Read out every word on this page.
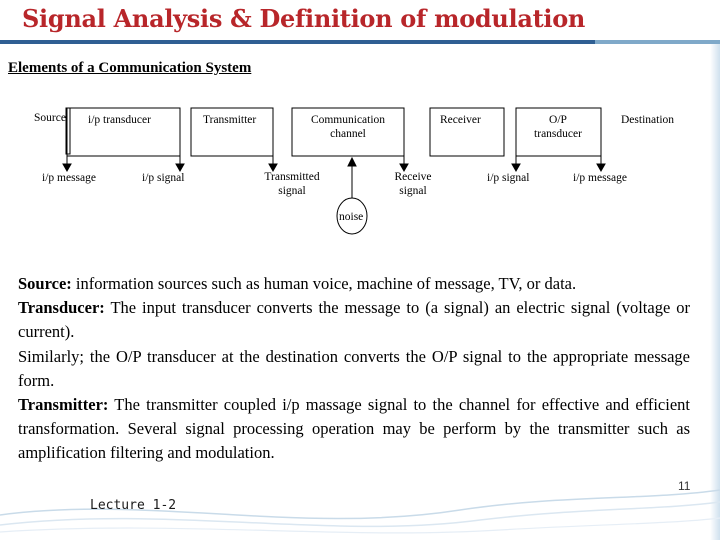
Signal Analysis & Definition of modulation
Elements of a Communication System
Source i/p transducer	Transmitter	Communication
channel
Receiver	O/P
transducer
Destination
i/p message	i/p signal	Transmitted
signal
Receive
signal
i/p signal	i/p message
noise

Source: information sources such as human voice, machine of message, TV, or data.

Transducer: The input transducer converts the message to (a signal) an electric signal (voltage or current).

Similarly; the O/P transducer at the destination converts the O/P signal to the appropriate message form.

Transmitter: The transmitter coupled i/p massage signal to the channel for effective and efficient transformation. Several signal processing operation may be perform by the transmitter such as amplification filtering and modulation.

Lecture 1-2
11
